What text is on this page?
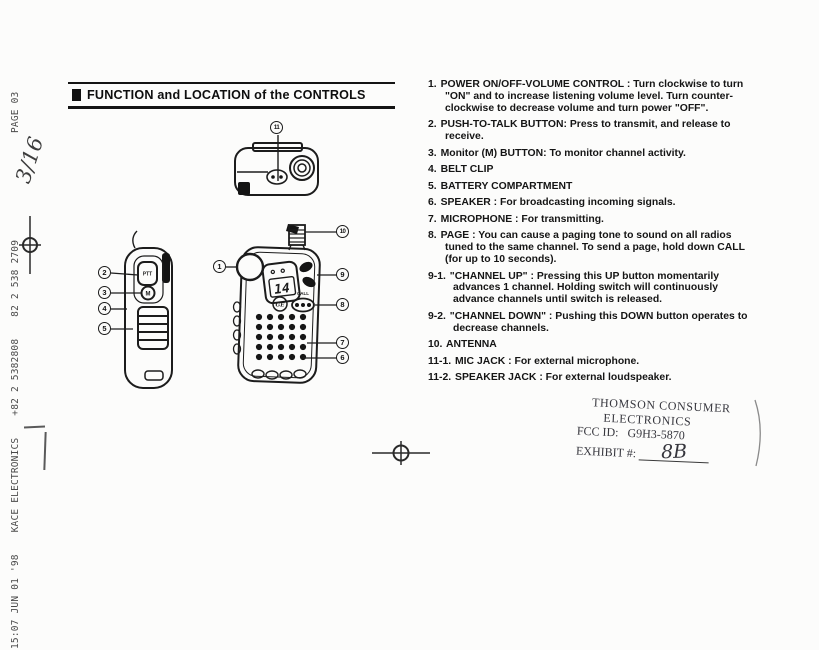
15:07 JUN 01 '98 KACE ELECTRONICS +82 2 5382808 82 2 538 2709
PAGE 03
3/16
FUNCTION and LOCATION of the CONTROLS
PTT
M
GE
CALL
14
11
1
10
9
8
7
6
2
3
4
5
1. POWER ON/OFF-VOLUME CONTROL : Turn clockwise to turn "ON" and to increase listening volume level. Turn counter-clockwise to decrease volume and turn power "OFF".
2. PUSH-TO-TALK BUTTON: Press to transmit, and release to receive.
3. Monitor (M) BUTTON: To monitor channel activity.
4. BELT CLIP
5. BATTERY COMPARTMENT
6. SPEAKER : For broadcasting incoming signals.
7. MICROPHONE : For transmitting.
8. PAGE : You can cause a paging tone to sound on all radios tuned to the same channel. To send a page, hold down CALL (for up to 10 seconds).
9-1. "CHANNEL UP" : Pressing this UP button momentarily advances 1 channel. Holding switch will continuously advance channels until switch is released.
9-2. "CHANNEL DOWN" : Pushing this DOWN button operates to decrease channels.
10. ANTENNA
11-1. MIC JACK : For external microphone.
11-2. SPEAKER JACK : For external loudspeaker.
THOMSON CONSUMER
ELECTRONICS
FCC ID: G9H3-5870
EXHIBIT #: 8B
